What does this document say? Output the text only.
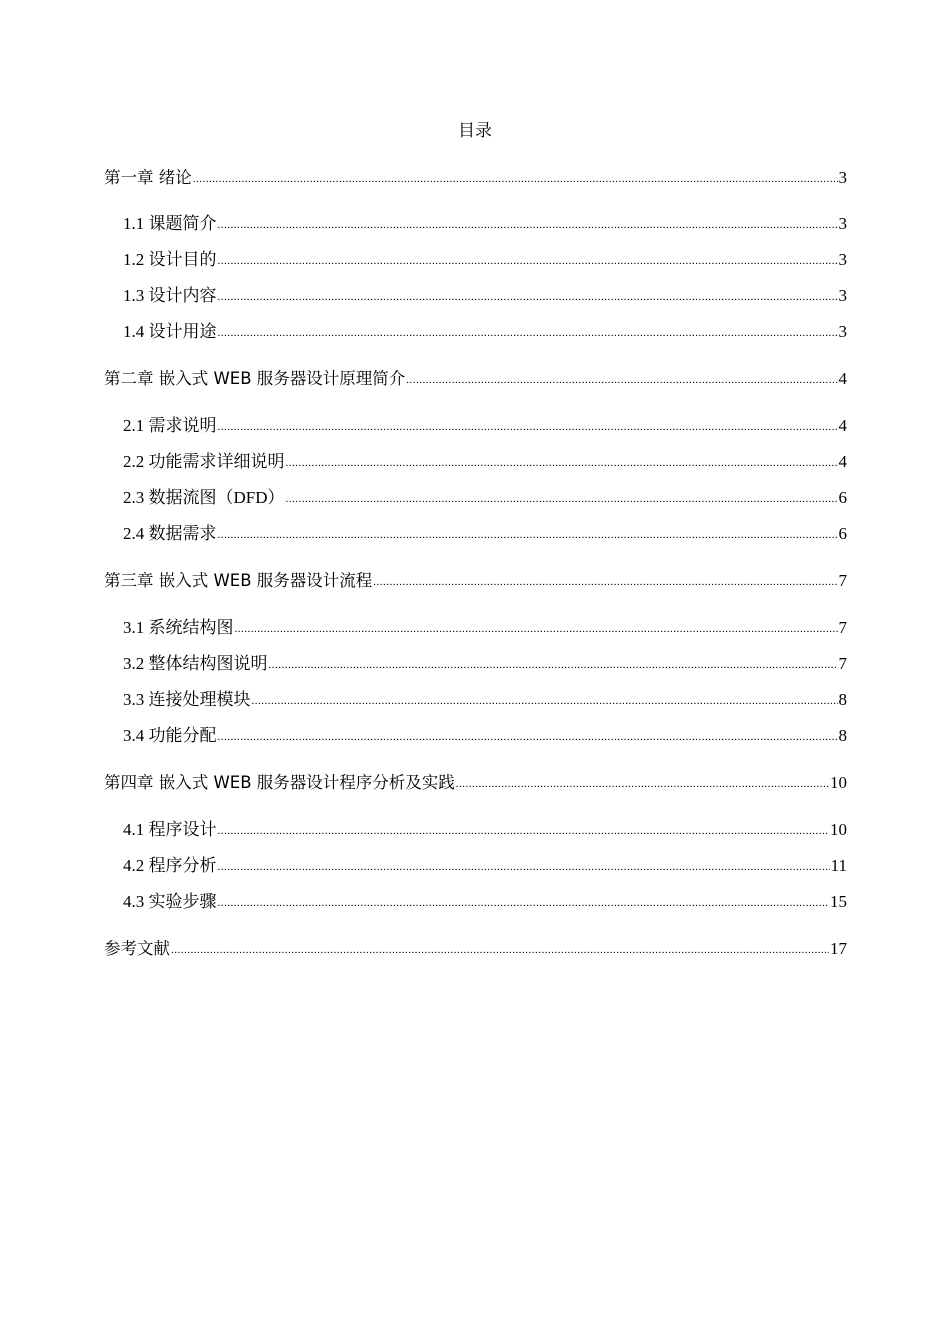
目录
第一章 绪论 .....	3
1.1 课题简介 .....	3
1.2 设计目的 .....	3
1.3 设计内容 .....	3
1.4 设计用途 .....	3
第二章 嵌入式 WEB 服务器设计原理简介 .....	4
2.1 需求说明 .....	4
2.2 功能需求详细说明 .....	4
2.3 数据流图（DFD） .....	6
2.4 数据需求 .....	6
第三章 嵌入式 WEB 服务器设计流程 .....	7
3.1 系统结构图 .....	7
3.2 整体结构图说明 .....	7
3.3 连接处理模块 .....	8
3.4 功能分配 .....	8
第四章 嵌入式 WEB 服务器设计程序分析及实践 .....	10
4.1 程序设计 .....	10
4.2 程序分析 .....	11
4.3 实验步骤 .....	15
参考文献 .....	17
